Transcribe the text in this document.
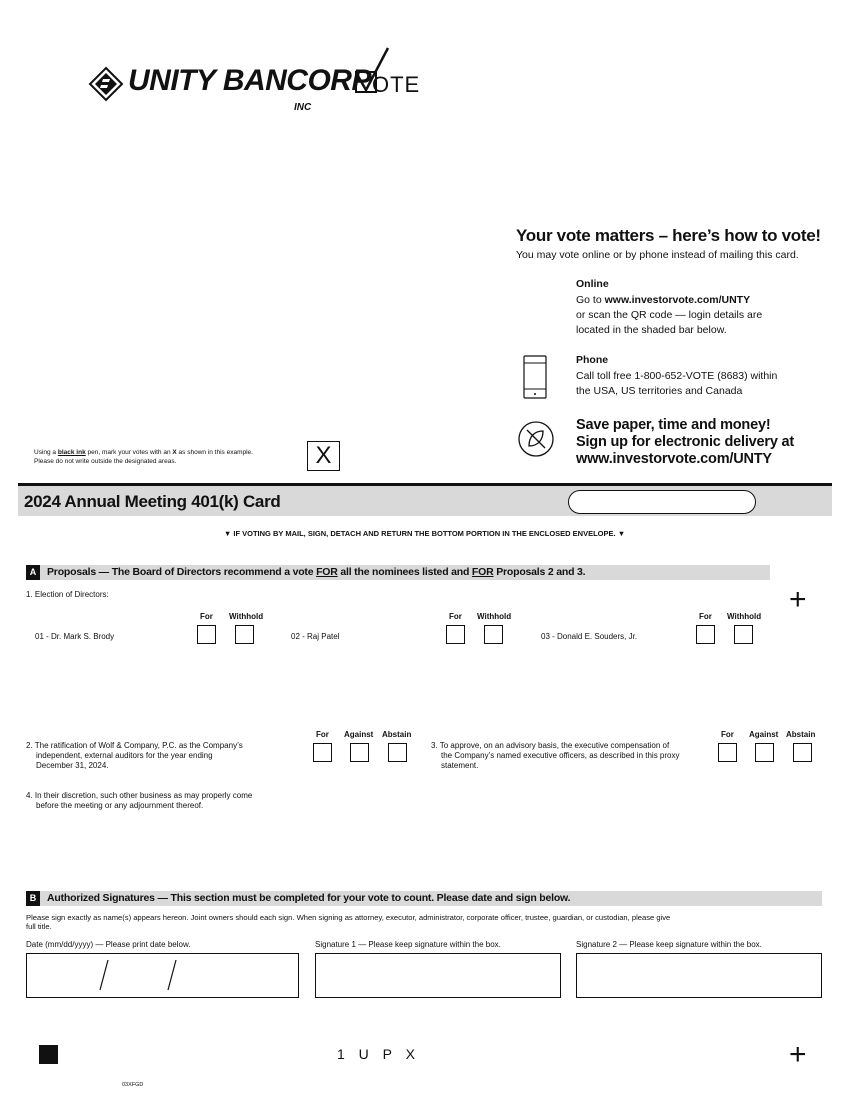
UNITY BANCORP
INC
OTE
Your vote matters – here’s how to vote!
You may vote online or by phone instead of mailing this card.
Online
Go to www.investorvote.com/UNTY
or scan the QR code — login details are
located in the shaded bar below.
Phone
Call toll free 1-800-652-VOTE (8683) within
the USA, US territories and Canada
Save paper, time and money!
Sign up for electronic delivery at
www.investorvote.com/UNTY
Using a black ink pen, mark your votes with an X as shown in this example.
Please do not write outside the designated areas.	X
2024 Annual Meeting 401(k) Card
▼ IF VOTING BY MAIL, SIGN, DETACH AND RETURN THE BOTTOM PORTION IN THE ENCLOSED ENVELOPE. ▼
A	Proposals — The Board of Directors recommend a vote FOR all the nominees listed and FOR Proposals 2 and 3.
1. Election of Directors:	+
For Withhold
01 - Dr. Mark S. Brody
For Withhold
02 - Raj Patel
For Withhold
03 - Donald E. Souders, Jr.
For Against Abstain
2. The ratification of Wolf & Company, P.C. as the Company’s
independent, external auditors for the year ending
December 31, 2024.
For Against Abstain
3. To approve, on an advisory basis, the executive compensation of
the Company’s named executive officers, as described in this proxy
statement.
4. In their discretion, such other business as may properly come
before the meeting or any adjournment thereof.
B	Authorized Signatures — This section must be completed for your vote to count. Please date and sign below.
Please sign exactly as name(s) appears hereon. Joint owners should each sign. When signing as attorney, executor, administrator, corporate officer, trustee, guardian, or custodian, please give
full title.
Date (mm/dd/yyyy) — Please print date below.	Signature 1 — Please keep signature within the box.	Signature 2 — Please keep signature within the box.
1 U P X	+
03XFGD
